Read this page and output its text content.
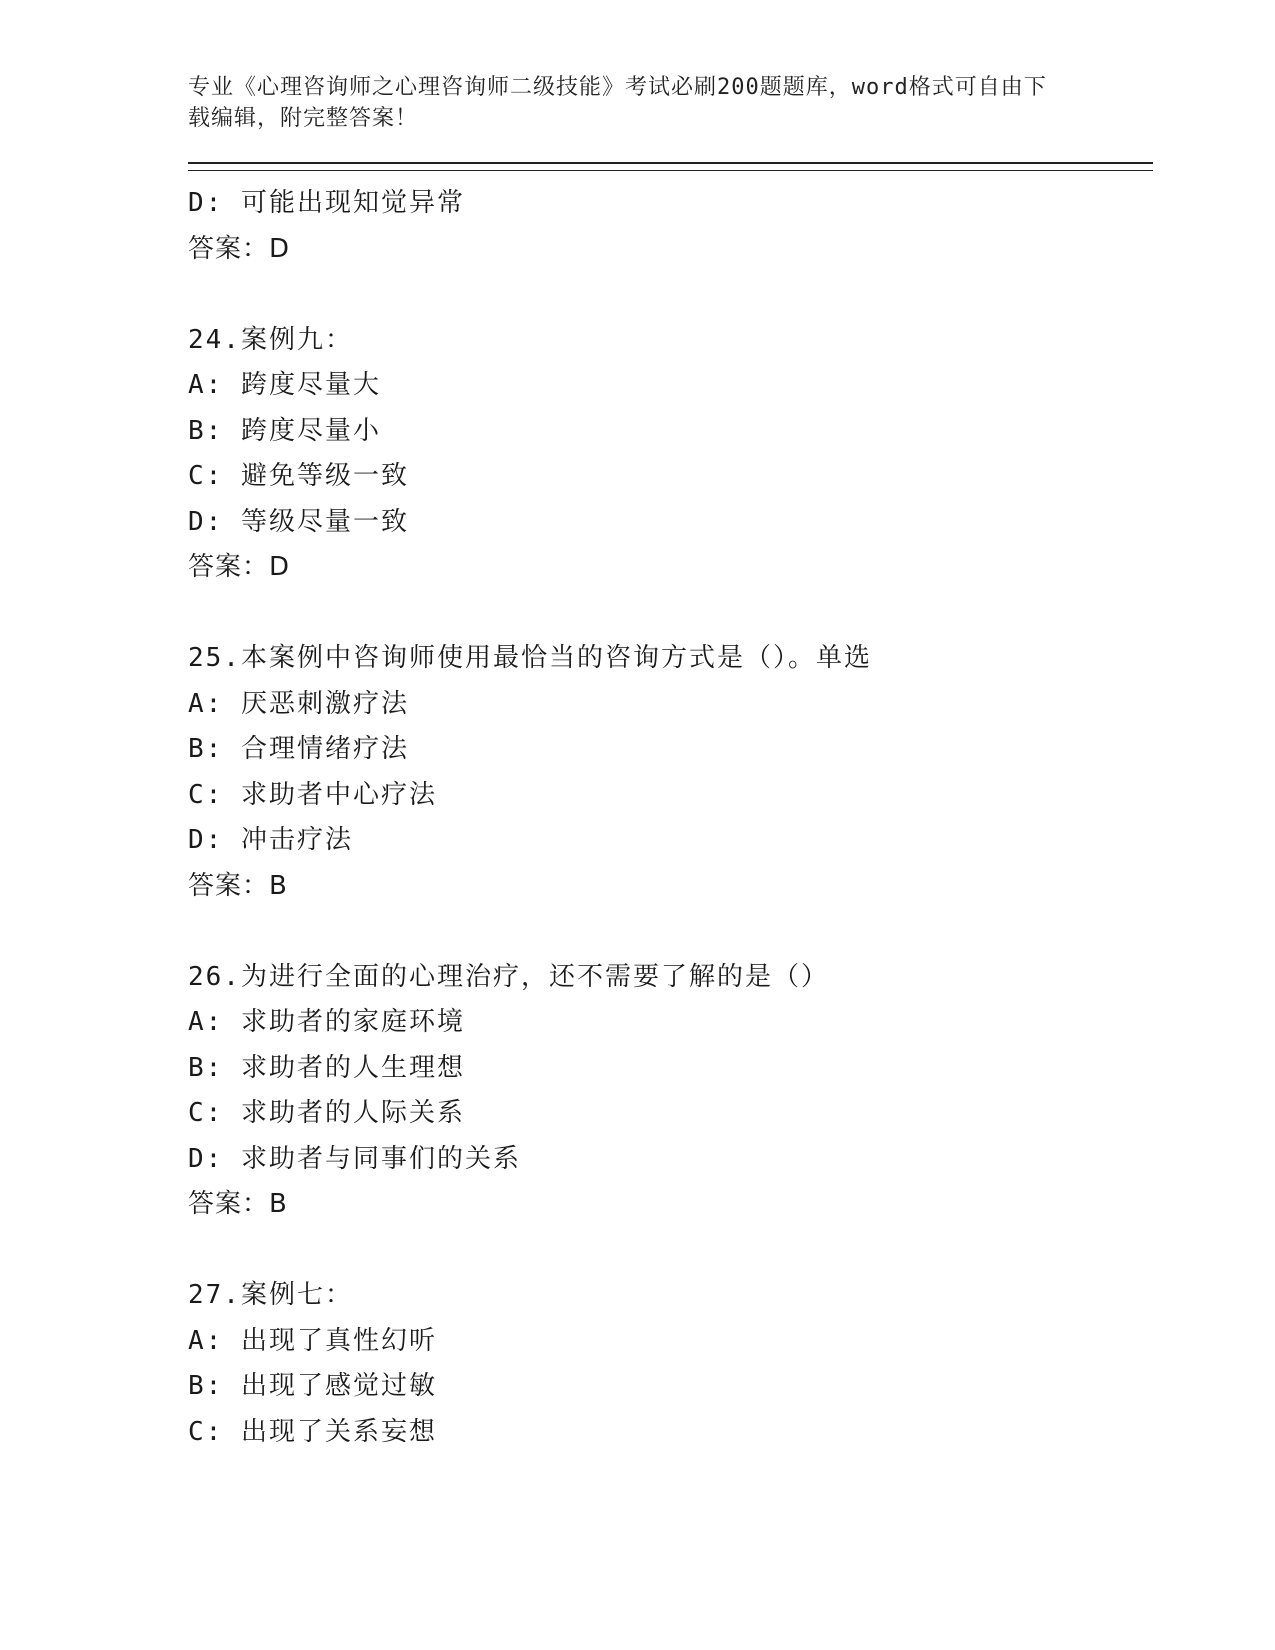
专业《心理咨询师之心理咨询师二级技能》考试必刷200题题库，word格式可自由下载编辑，附完整答案！
D: 可能出现知觉异常
答案：D
24.案例九：
A: 跨度尽量大
B: 跨度尽量小
C: 避免等级一致
D: 等级尽量一致
答案：D
25.本案例中咨询师使用最恰当的咨询方式是（）。单选
A: 厌恶刺激疗法
B: 合理情绪疗法
C: 求助者中心疗法
D: 冲击疗法
答案：B
26.为进行全面的心理治疗，还不需要了解的是（）
A: 求助者的家庭环境
B: 求助者的人生理想
C: 求助者的人际关系
D: 求助者与同事们的关系
答案：B
27.案例七：
A: 出现了真性幻听
B: 出现了感觉过敏
C: 出现了关系妄想
